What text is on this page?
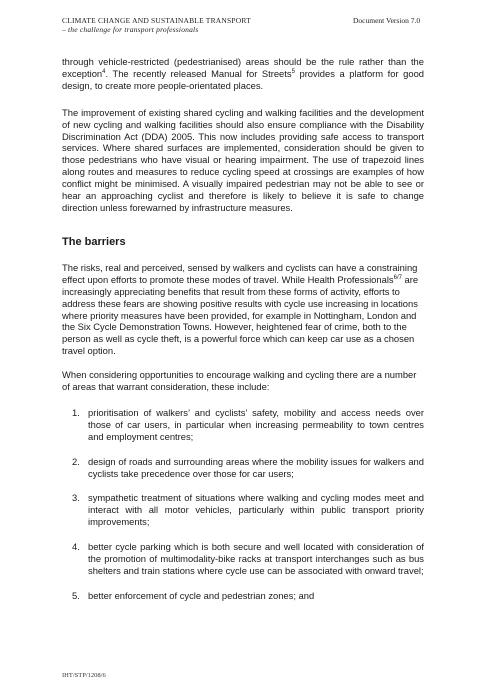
CLIMATE CHANGE AND SUSTAINABLE TRANSPORT
– the challenge for transport professionals
Document Version 7.0

through vehicle-restricted (pedestrianised) areas should be the rule rather than the exception$^4$. The recently released Manual for Streets$^5$ provides a platform for good design, to create more people-orientated places.

The improvement of existing shared cycling and walking facilities and the development of new cycling and walking facilities should also ensure compliance with the Disability Discrimination Act (DDA) 2005. This now includes providing safe access to transport services. Where shared surfaces are implemented, consideration should be given to those pedestrians who have visual or hearing impairment. The use of trapezoid lines along routes and measures to reduce cycling speed at crossings are examples of how conflict might be minimised. A visually impaired pedestrian may not be able to see or hear an approaching cyclist and therefore is likely to believe it is safe to change direction unless forewarned by infrastructure measures.

The barriers

The risks, real and perceived, sensed by walkers and cyclists can have a constraining effect upon efforts to promote these modes of travel. While Health Professionals$^{6/7}$ are increasingly appreciating benefits that result from these forms of activity, efforts to address these fears are showing positive results with cycle use increasing in locations where priority measures have been provided, for example in Nottingham, London and the Six Cycle Demonstration Towns. However, heightened fear of crime, both to the person as well as cycle theft, is a powerful force which can keep car use as a chosen travel option.

When considering opportunities to encourage walking and cycling there are a number of areas that warrant consideration, these include:

1. prioritisation of walkers’ and cyclists’ safety, mobility and access needs over those of car users, in particular when increasing permeability to town centres and employment centres;
2. design of roads and surrounding areas where the mobility issues for walkers and cyclists take precedence over those for car users;
3. sympathetic treatment of situations where walking and cycling modes meet and interact with all motor vehicles, particularly within public transport priority improvements;
4. better cycle parking which is both secure and well located with consideration of the promotion of multimodality-bike racks at transport interchanges such as bus shelters and train stations where cycle use can be associated with onward travel;
5. better enforcement of cycle and pedestrian zones; and
IHT/STP/1208/6
